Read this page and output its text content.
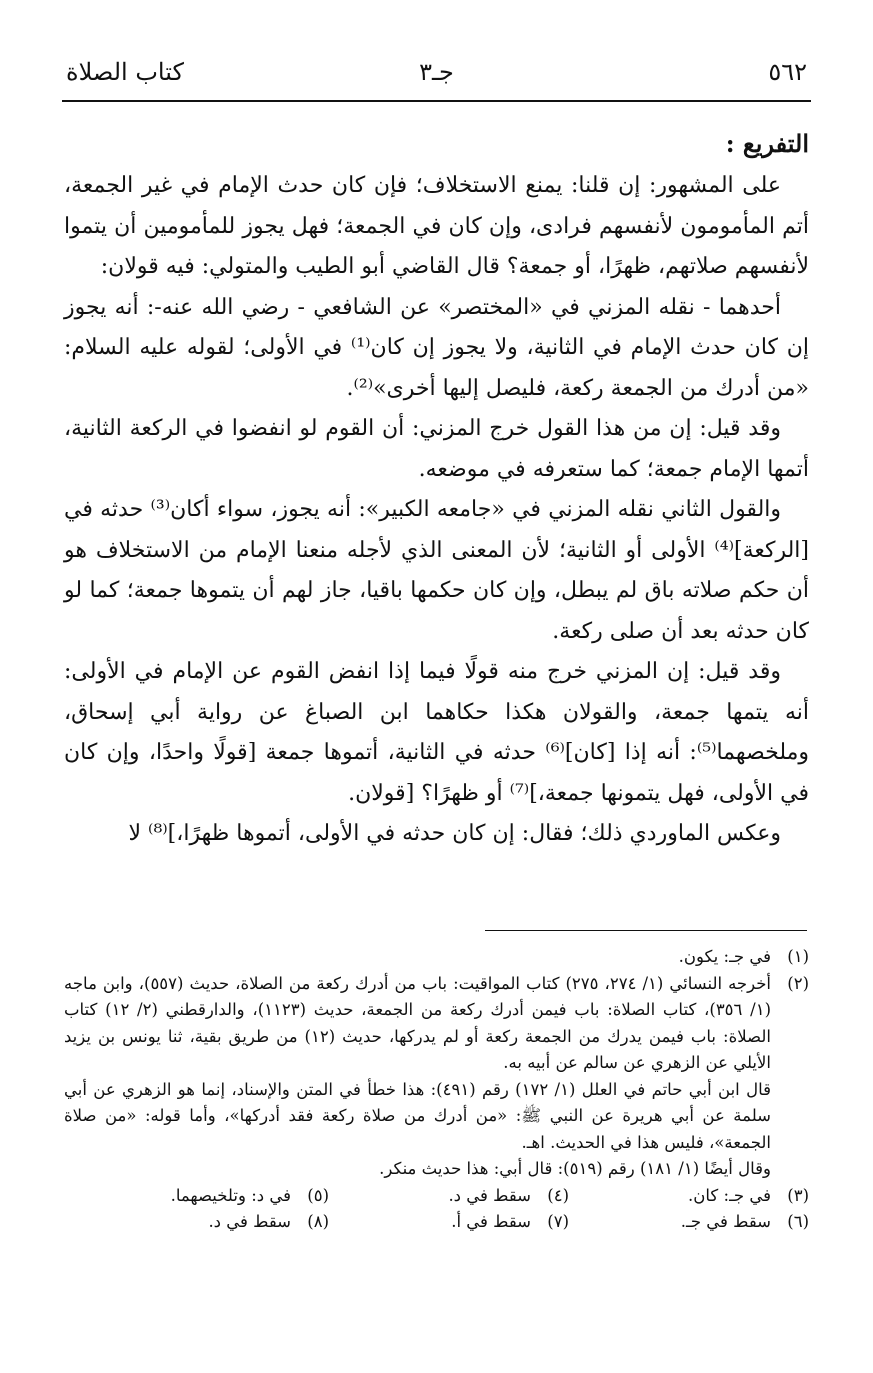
٥٦٢
جـ٣
كتاب الصلاة
التفريع :

على المشهور: إن قلنا: يمنع الاستخلاف؛ فإن كان حدث الإمام في غير الجمعة، أتم المأمومون لأنفسهم فرادى، وإن كان في الجمعة؛ فهل يجوز للمأمومين أن يتموا لأنفسهم صلاتهم، ظهرًا، أو جمعة؟ قال القاضي أبو الطيب والمتولي: فيه قولان:

أحدهما - نقله المزني في «المختصر» عن الشافعي - رضي الله عنه-: أنه يجوز إن كان حدث الإمام في الثانية، ولا يجوز إن كان⁽¹⁾ في الأولى؛ لقوله عليه السلام: «من أدرك من الجمعة ركعة، فليصل إليها أخرى»⁽²⁾.

وقد قيل: إن من هذا القول خرج المزني: أن القوم لو انفضوا في الركعة الثانية، أتمها الإمام جمعة؛ كما ستعرفه في موضعه.

والقول الثاني نقله المزني في «جامعه الكبير»: أنه يجوز، سواء أكان⁽³⁾ حدثه في [الركعة]⁽⁴⁾ الأولى أو الثانية؛ لأن المعنى الذي لأجله منعنا الإمام من الاستخلاف هو أن حكم صلاته باق لم يبطل، وإن كان حكمها باقيا، جاز لهم أن يتموها جمعة؛ كما لو كان حدثه بعد أن صلى ركعة.

وقد قيل: إن المزني خرج منه قولًا فيما إذا انفض القوم عن الإمام في الأولى: أنه يتمها جمعة، والقولان هكذا حكاهما ابن الصباغ عن رواية أبي إسحاق، وملخصهما⁽⁵⁾: أنه إذا [كان]⁽⁶⁾ حدثه في الثانية، أتموها جمعة [قولًا واحدًا، وإن كان في الأولى، فهل يتمونها جمعة،]⁽⁷⁾ أو ظهرًا؟ [قولان.

وعكس الماوردي ذلك؛ فقال: إن كان حدثه في الأولى، أتموها ظهرًا،]⁽⁸⁾ لا

(١)
في جـ: يكون.
(٢)
أخرجه النسائي (١/ ٢٧٤، ٢٧٥) كتاب المواقيت: باب من أدرك ركعة من الصلاة، حديث (٥٥٧)، وابن ماجه (١/ ٣٥٦)، كتاب الصلاة: باب فيمن أدرك ركعة من الجمعة، حديث (١١٢٣)، والدارقطني (٢/ ١٢) كتاب الصلاة: باب فيمن يدرك من الجمعة ركعة أو لم يدركها، حديث (١٢) من طريق بقية، ثنا يونس بن يزيد الأيلي عن الزهري عن سالم عن أبيه به.
قال ابن أبي حاتم في العلل (١/ ١٧٢) رقم (٤٩١): هذا خطأ في المتن والإسناد، إنما هو الزهري عن أبي سلمة عن أبي هريرة عن النبي ﷺ: «من أدرك من صلاة ركعة فقد أدركها»، وأما قوله: «من صلاة الجمعة»، فليس هذا في الحديث. اهـ.
وقال أيضًا (١/ ١٨١) رقم (٥١٩): قال أبي: هذا حديث منكر.
(٣)
في جـ: كان.
(٤)
سقط في د.
(٥)
في د: وتلخيصهما.
(٦)
سقط في جـ.
(٧)
سقط في أ.
(٨)
سقط في د.
